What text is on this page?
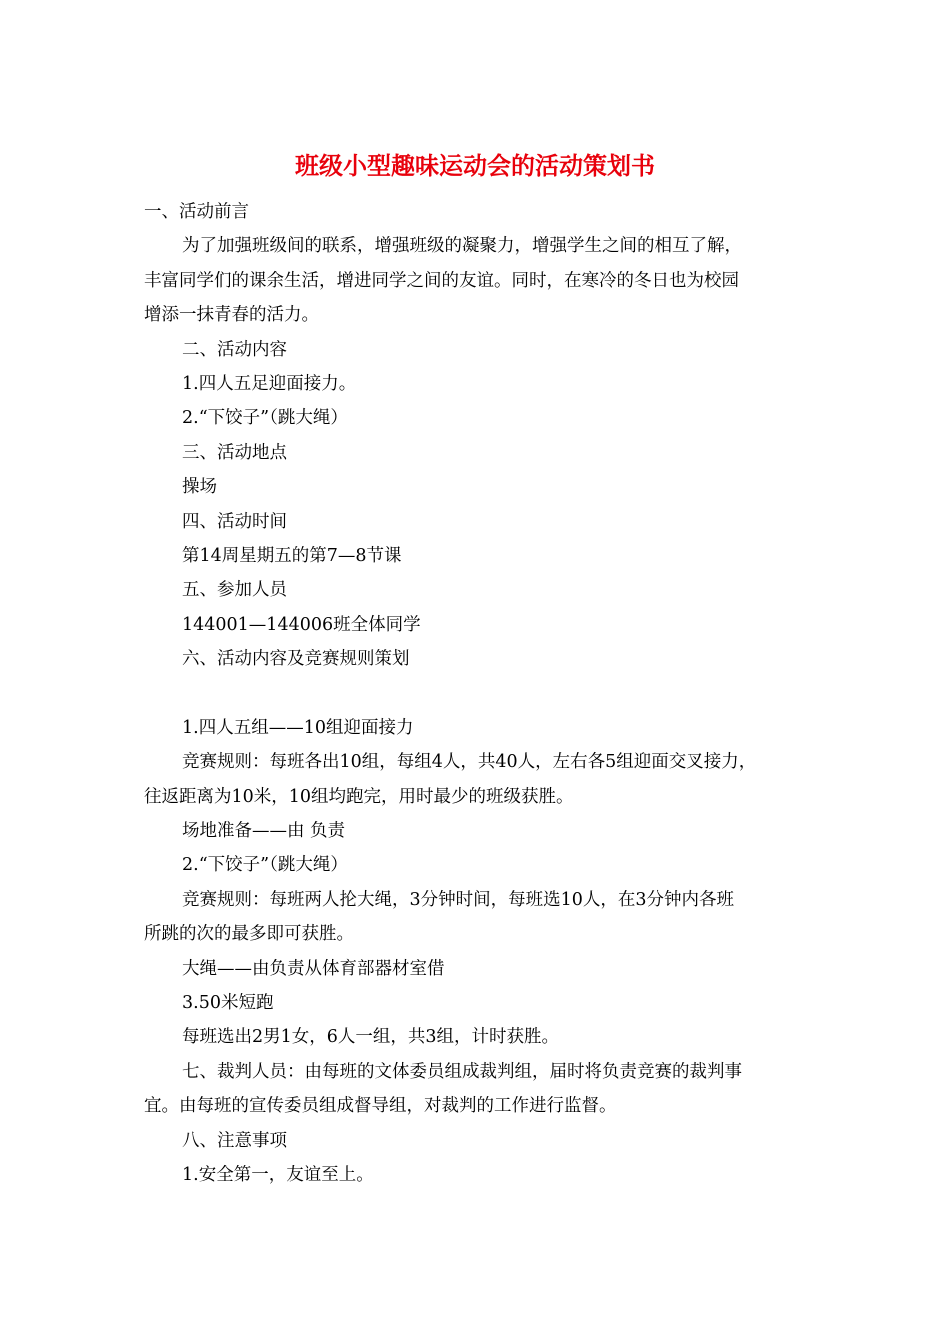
班级小型趣味运动会的活动策划书
一、活动前言
为了加强班级间的联系，增强班级的凝聚力，增强学生之间的相互了解，
丰富同学们的课余生活，增进同学之间的友谊。同时，在寒冷的冬日也为校园
增添一抹青春的活力。
二、活动内容
1.四人五足迎面接力。
2.“下饺子”（跳大绳）
三、活动地点
操场
四、活动时间
第14周星期五的第7—8节课
五、参加人员
144001—144006班全体同学
六、活动内容及竞赛规则策划
1.四人五组——10组迎面接力
竞赛规则：每班各出10组，每组4人，共40人，左右各5组迎面交叉接力，
往返距离为10米，10组均跑完，用时最少的班级获胜。
场地准备——由 负责
2.“下饺子”（跳大绳）
竞赛规则：每班两人抡大绳，3分钟时间，每班选10人，在3分钟内各班
所跳的次的最多即可获胜。
大绳——由负责从体育部器材室借
3.50米短跑
每班选出2男1女，6人一组，共3组，计时获胜。
七、裁判人员：由每班的文体委员组成裁判组，届时将负责竞赛的裁判事
宜。由每班的宣传委员组成督导组，对裁判的工作进行监督。
八、注意事项
1.安全第一，友谊至上。
